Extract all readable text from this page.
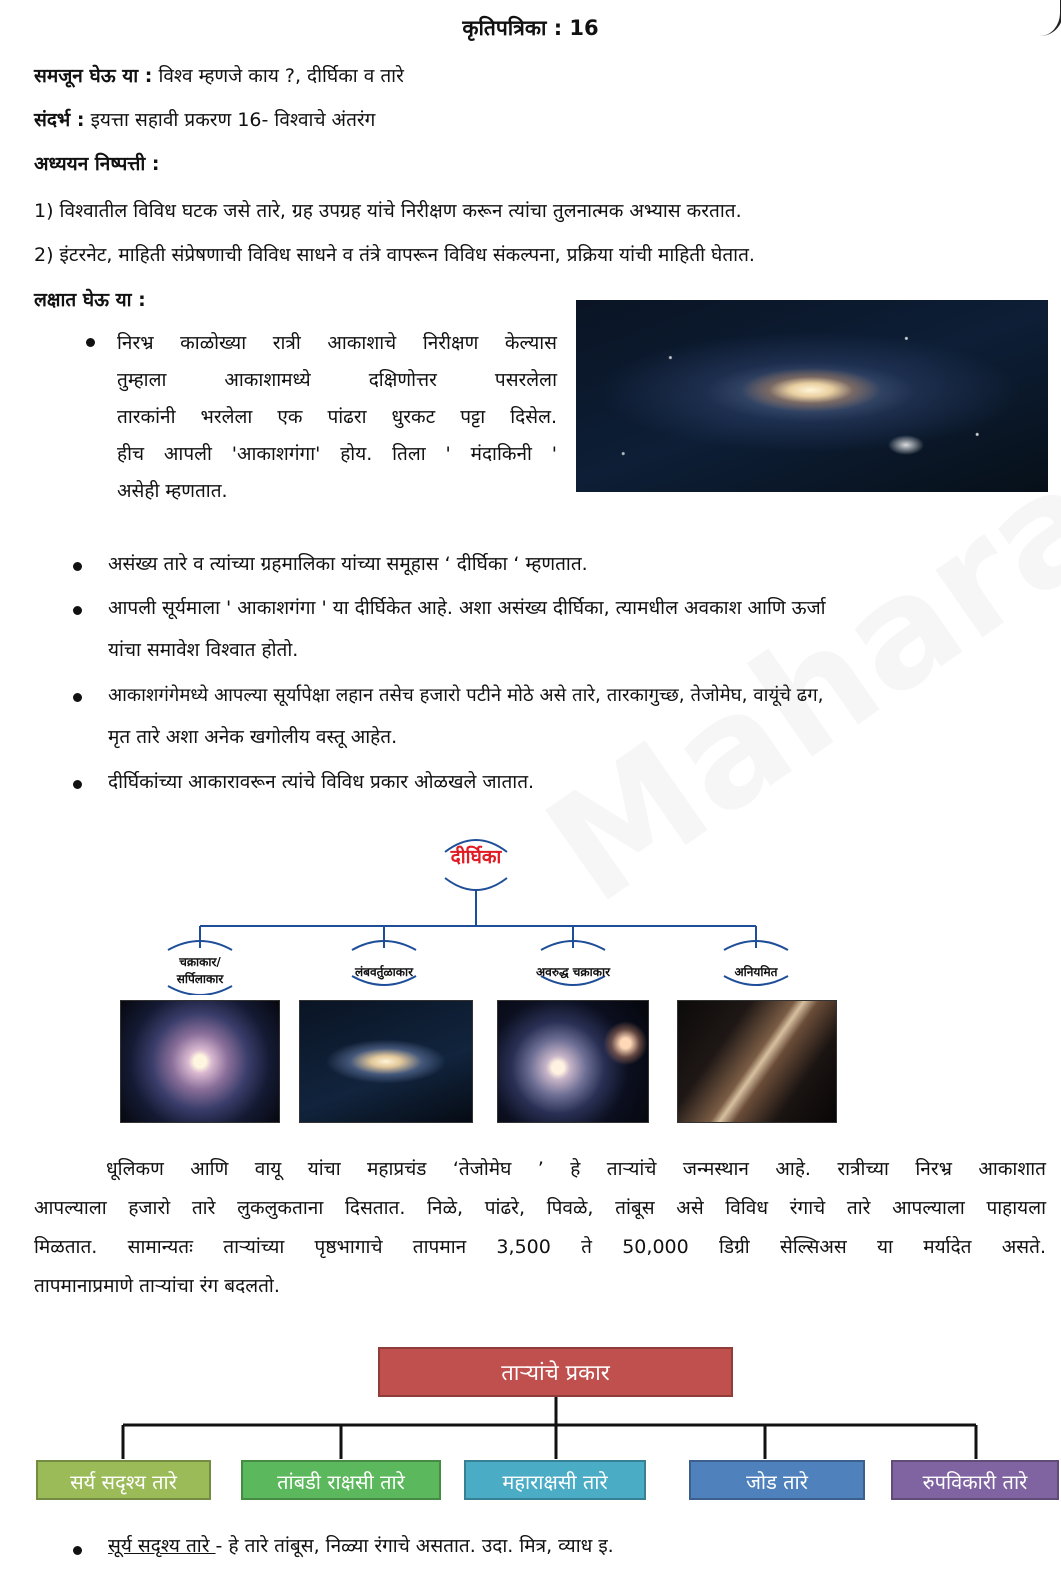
कृतिपत्रिका : 16
समजून घेऊ या : विश्व म्हणजे काय ?, दीर्घिका व तारे
संदर्भ : इयत्ता सहावी प्रकरण 16- विश्वाचे अंतरंग
अध्ययन निष्पत्ती :
1) विश्वातील विविध घटक जसे तारे, ग्रह उपग्रह यांचे निरीक्षण करून त्यांचा तुलनात्मक अभ्यास करतात.
2) इंटरनेट, माहिती संप्रेषणाची विविध साधने व तंत्रे वापरून विविध संकल्पना, प्रक्रिया यांची माहिती घेतात.
लक्षात घेऊ या :
निरभ्र काळोख्या रात्री आकाशाचे निरीक्षण केल्यास
तुम्हाला आकाशामध्ये दक्षिणोत्तर पसरलेला
तारकांनी भरलेला एक पांढरा धुरकट पट्टा दिसेल.
हीच आपली 'आकाशगंगा' होय. तिला ' मंदाकिनी '
असेही म्हणतात.
असंख्य तारे व त्यांच्या ग्रहमालिका यांच्या समूहास ‘ दीर्घिका ‘ म्हणतात.
आपली सूर्यमाला ' आकाशगंगा ' या दीर्घिकेत आहे. अशा असंख्य दीर्घिका, त्यामधील अवकाश आणि ऊर्जा
यांचा समावेश विश्वात होतो.
आकाशगंगेमध्ये आपल्या सूर्यापेक्षा लहान तसेच हजारो पटीने मोठे असे तारे, तारकागुच्छ, तेजोमेघ, वायूंचे ढग,
मृत तारे अशा अनेक खगोलीय वस्तू आहेत.
दीर्घिकांच्या आकारावरून त्यांचे विविध प्रकार ओळखले जातात.
दीर्घिका
चक्राकार/
सर्पिलाकार	लंबवर्तुळाकार	अवरुद्ध चक्राकार	अनियमित
धूलिकण आणि वायू यांचा महाप्रचंड ‘तेजोमेघ ’ हे ताऱ्यांचे जन्मस्थान आहे. रात्रीच्या निरभ्र आकाशात
आपल्याला हजारो तारे लुकलुकताना दिसतात. निळे, पांढरे, पिवळे, तांबूस असे विविध रंगाचे तारे आपल्याला पाहायला
मिळतात. सामान्यतः ताऱ्यांच्या पृष्ठभागाचे तापमान 3,500 ते 50,000 डिग्री सेल्सिअस या मर्यादेत असते.
तापमानाप्रमाणे ताऱ्यांचा रंग बदलतो.
ताऱ्यांचे प्रकार
सर्य सदृश्य तारे	तांबडी राक्षसी तारे	महाराक्षसी तारे	जोड तारे	रुपविकारी तारे
सूर्य सदृश्य तारे - हे तारे तांबूस, निळ्या रंगाचे असतात. उदा. मित्र, व्याध इ.
